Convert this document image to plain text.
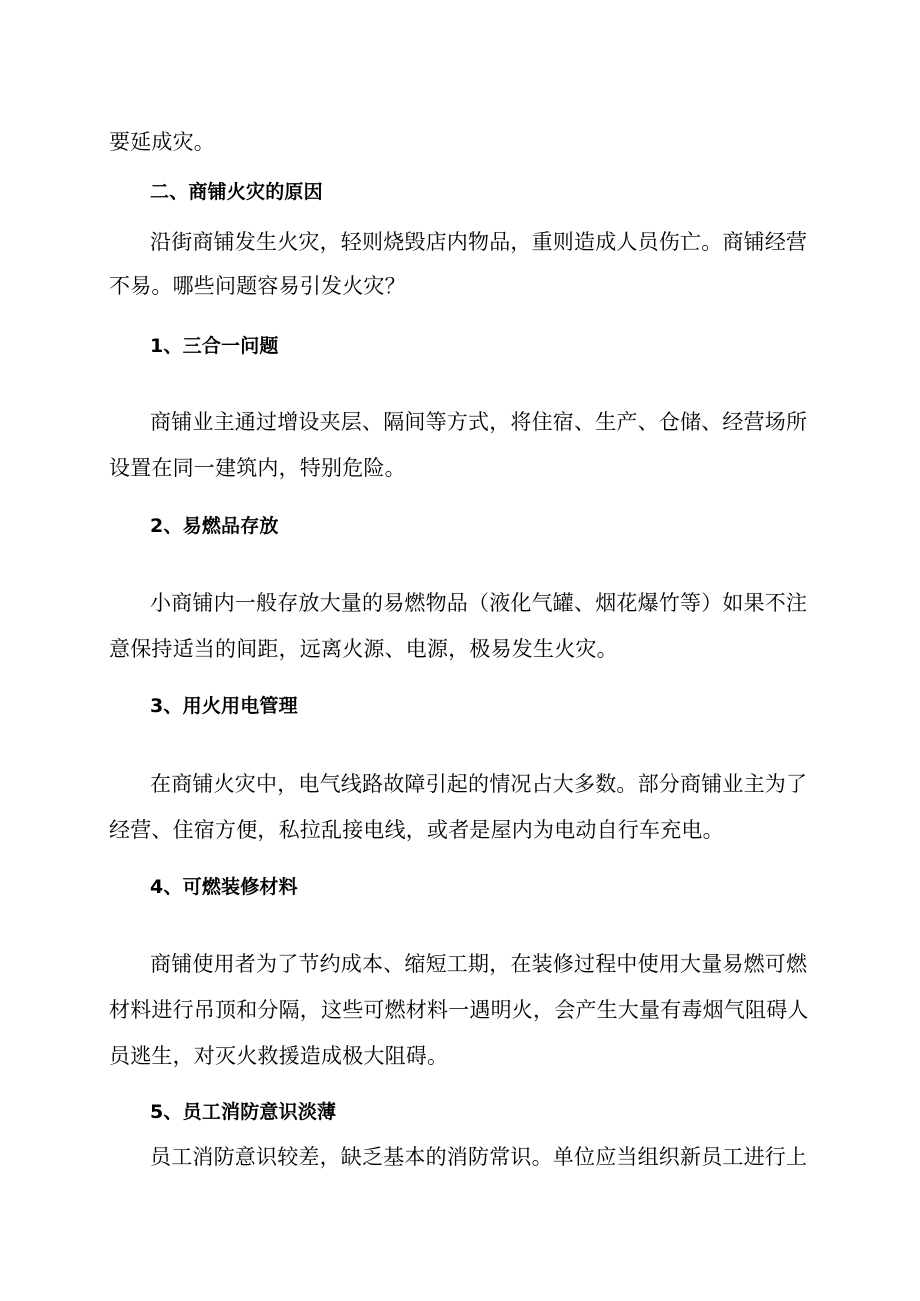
要延成灾。
二、商铺火灾的原因
沿街商铺发生火灾，轻则烧毁店内物品，重则造成人员伤亡。商铺经营
不易。哪些问题容易引发火灾？
1、三合一问题
商铺业主通过增设夹层、隔间等方式，将住宿、生产、仓储、经营场所
设置在同一建筑内，特别危险。
2、易燃品存放
小商铺内一般存放大量的易燃物品（液化气罐、烟花爆竹等）如果不注
意保持适当的间距，远离火源、电源，极易发生火灾。
3、用火用电管理
在商铺火灾中，电气线路故障引起的情况占大多数。部分商铺业主为了
经营、住宿方便，私拉乱接电线，或者是屋内为电动自行车充电。
4、可燃装修材料
商铺使用者为了节约成本、缩短工期，在装修过程中使用大量易燃可燃
材料进行吊顶和分隔，这些可燃材料一遇明火，会产生大量有毒烟气阻碍人
员逃生，对灭火救援造成极大阻碍。
5、员工消防意识淡薄
员工消防意识较差，缺乏基本的消防常识。单位应当组织新员工进行上
